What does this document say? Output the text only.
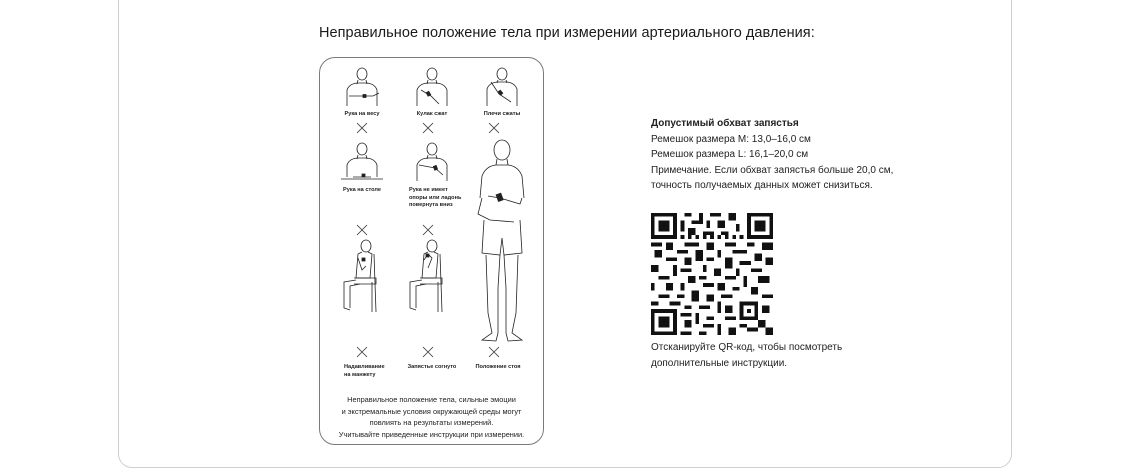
Неправильное положение тела при измерении артериального давления:
Рука на весу	Кулак сжат	Плечи сжаты
Рука на столе	Рука не имеет
опоры или ладонь
повернута вниз
Надавливание
на манжету
Запястье согнуто	Положение стоя
Неправильное положение тела, сильные эмоции
и экстремальные условия окружающей среды могут
повлиять на результаты измерений.
Учитывайте приведенные инструкции при измерении.
Допустимый обхват запястья
Ремешок размера M: 13,0–16,0 см
Ремешок размера L: 16,1–20,0 см
Примечание. Если обхват запястья больше 20,0 см,
точность получаемых данных может снизиться.
Отсканируйте QR-код, чтобы посмотреть
дополнительные инструкции.
